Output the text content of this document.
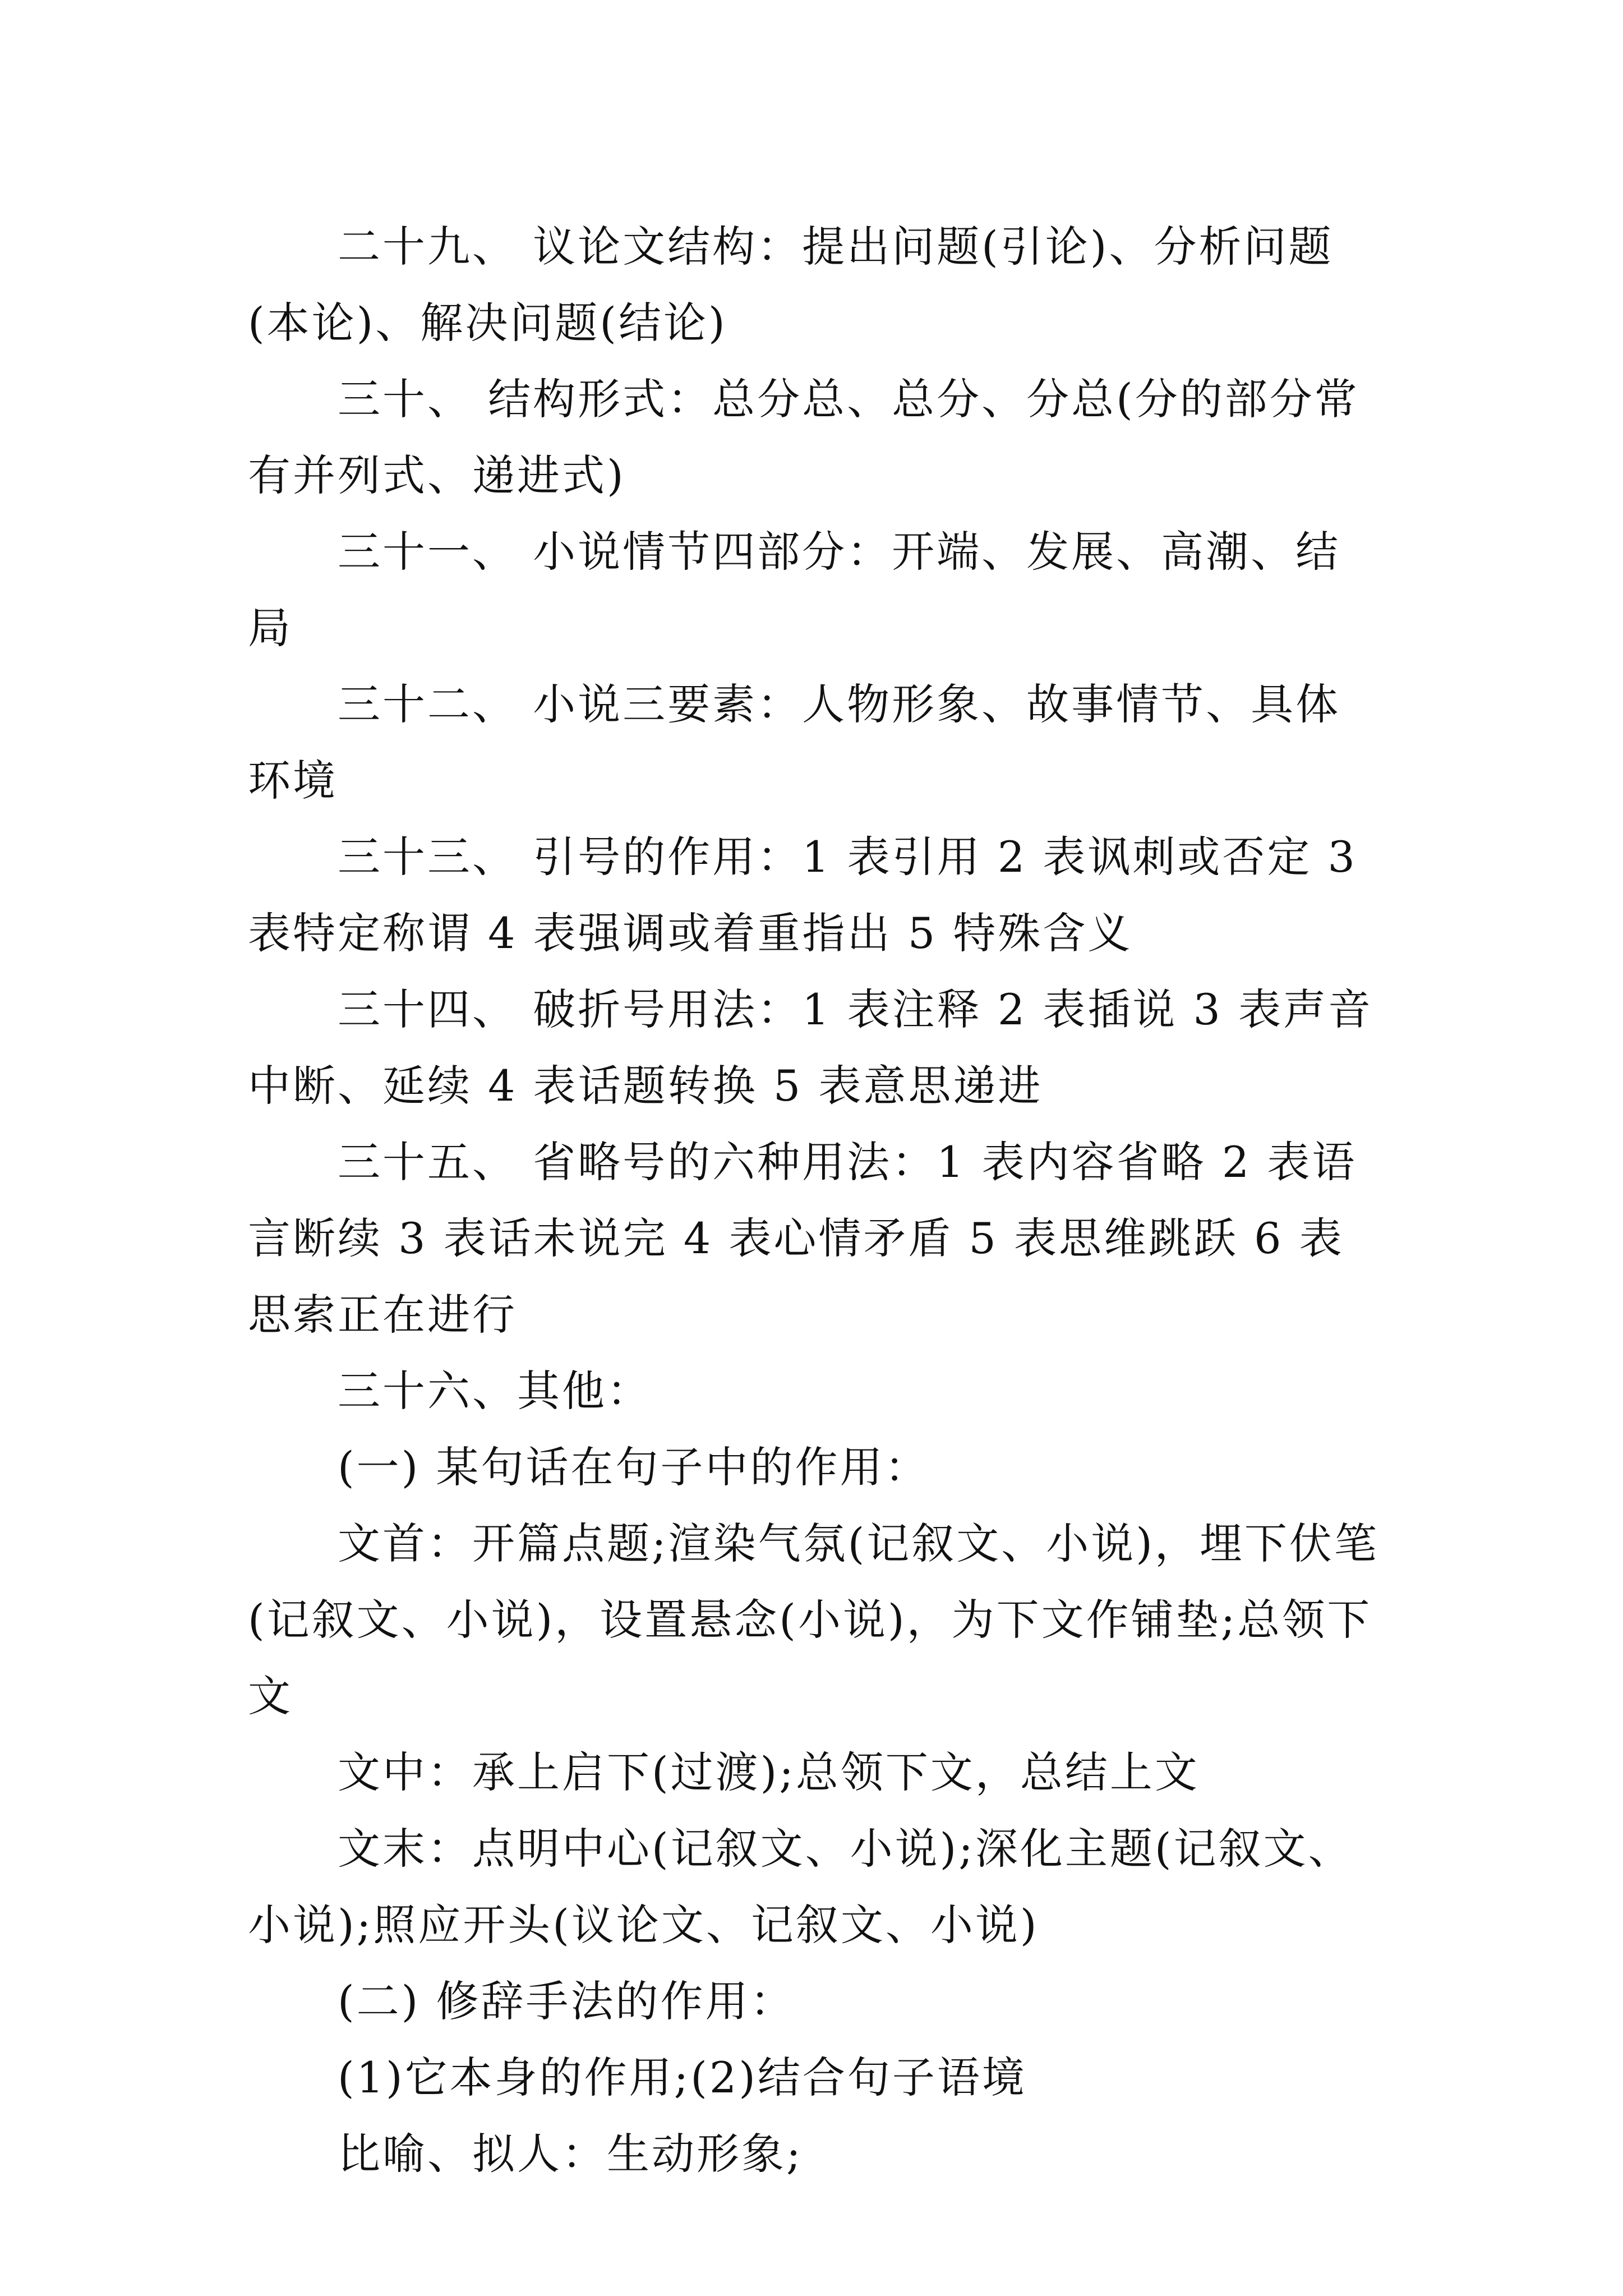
二十九、 议论文结构：提出问题(引论)、分析问题(本论)、解决问题(结论)

三十、 结构形式：总分总、总分、分总(分的部分常有并列式、递进式)

三十一、 小说情节四部分：开端、发展、高潮、结局

三十二、 小说三要素：人物形象、故事情节、具体环境

三十三、 引号的作用：1 表引用 2 表讽刺或否定 3 表特定称谓 4 表强调或着重指出 5 特殊含义

三十四、 破折号用法：1 表注释 2 表插说 3 表声音中断、延续 4 表话题转换 5 表意思递进

三十五、 省略号的六种用法：1 表内容省略 2 表语言断续 3 表话未说完 4 表心情矛盾 5 表思维跳跃 6 表思索正在进行

三十六、其他：

(一) 某句话在句子中的作用：

文首：开篇点题;渲染气氛(记叙文、小说)，埋下伏笔(记叙文、小说)，设置悬念(小说)，为下文作铺垫;总领下文

文中：承上启下(过渡);总领下文，总结上文

文末：点明中心(记叙文、小说);深化主题(记叙文、小说);照应开头(议论文、记叙文、小说)

(二) 修辞手法的作用：

(1)它本身的作用;(2)结合句子语境

比喻、拟人：生动形象;
